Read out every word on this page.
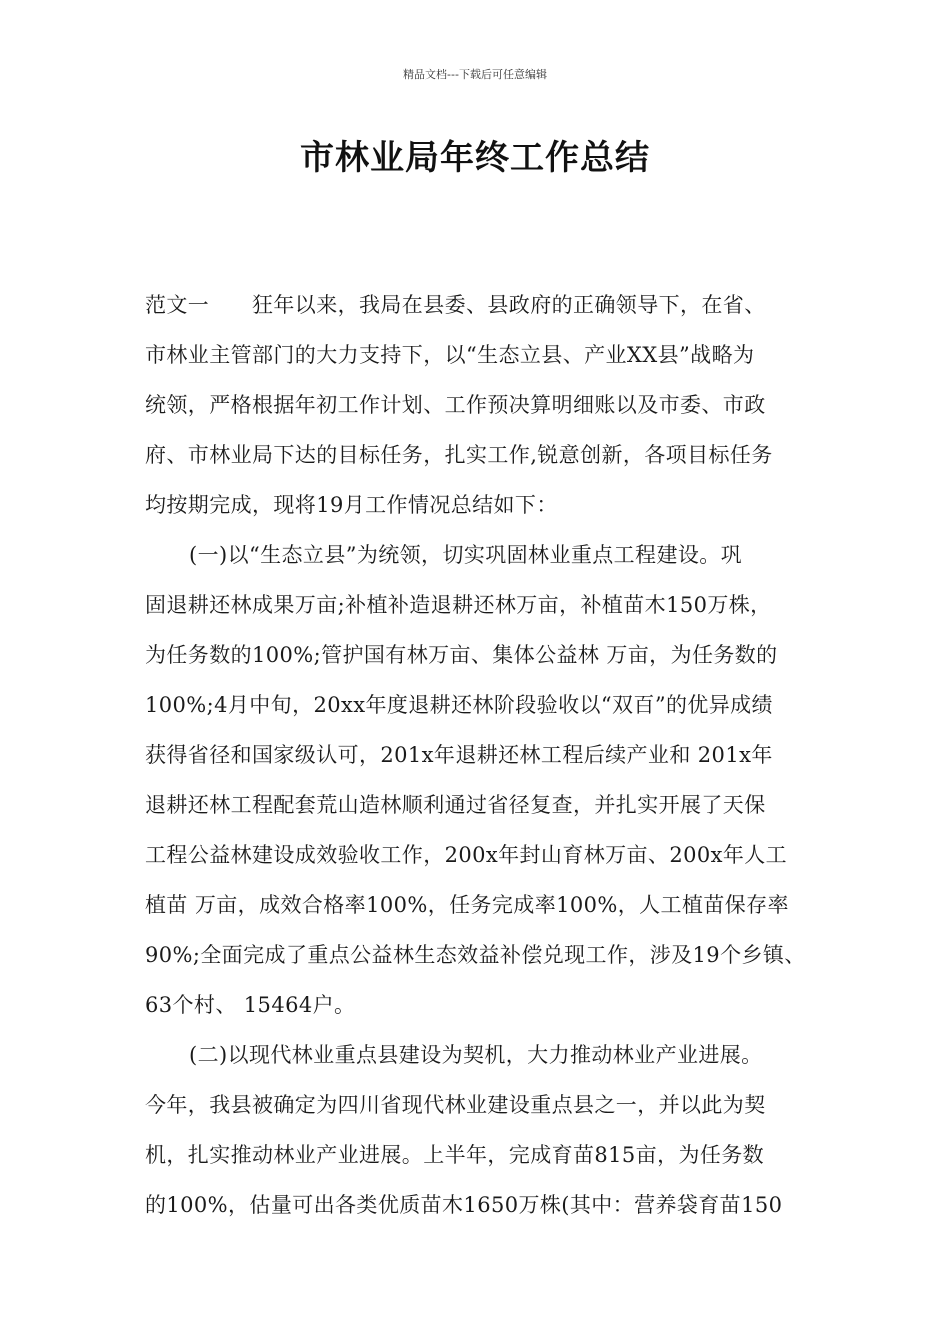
精品文档---下载后可任意编辑
市林业局年终工作总结
范文一　　狂年以来，我局在县委、县政府的正确领导下，在省、
市林业主管部门的大力支持下，以“生态立县、产业XX县”战略为
统领，严格根据年初工作计划、工作预决算明细账以及市委、市政
府、市林业局下达的目标任务，扎实工作,锐意创新，各项目标任务
均按期完成，现将19月工作情况总结如下：
(一)以“生态立县”为统领，切实巩固林业重点工程建设。巩
固退耕还林成果万亩;补植补造退耕还林万亩，补植苗木150万株，
为任务数的100%;管护国有林万亩、集体公益林 万亩，为任务数的
100%;4月中旬，20xx年度退耕还林阶段验收以“双百”的优异成绩
获得省径和国家级认可，201x年退耕还林工程后续产业和 201x年
退耕还林工程配套荒山造林顺利通过省径复查，并扎实开展了天保
工程公益林建设成效验收工作，200x年封山育林万亩、200x年人工
植苗 万亩，成效合格率100%，任务完成率100%，人工植苗保存率
90%;全面完成了重点公益林生态效益补偿兑现工作，涉及19个乡镇、
63个村、 15464户。
(二)以现代林业重点县建设为契机，大力推动林业产业进展。
今年，我县被确定为四川省现代林业建设重点县之一，并以此为契
机，扎实推动林业产业进展。上半年，完成育苗815亩，为任务数
的100%，估量可出各类优质苗木1650万株(其中：营养袋育苗150
